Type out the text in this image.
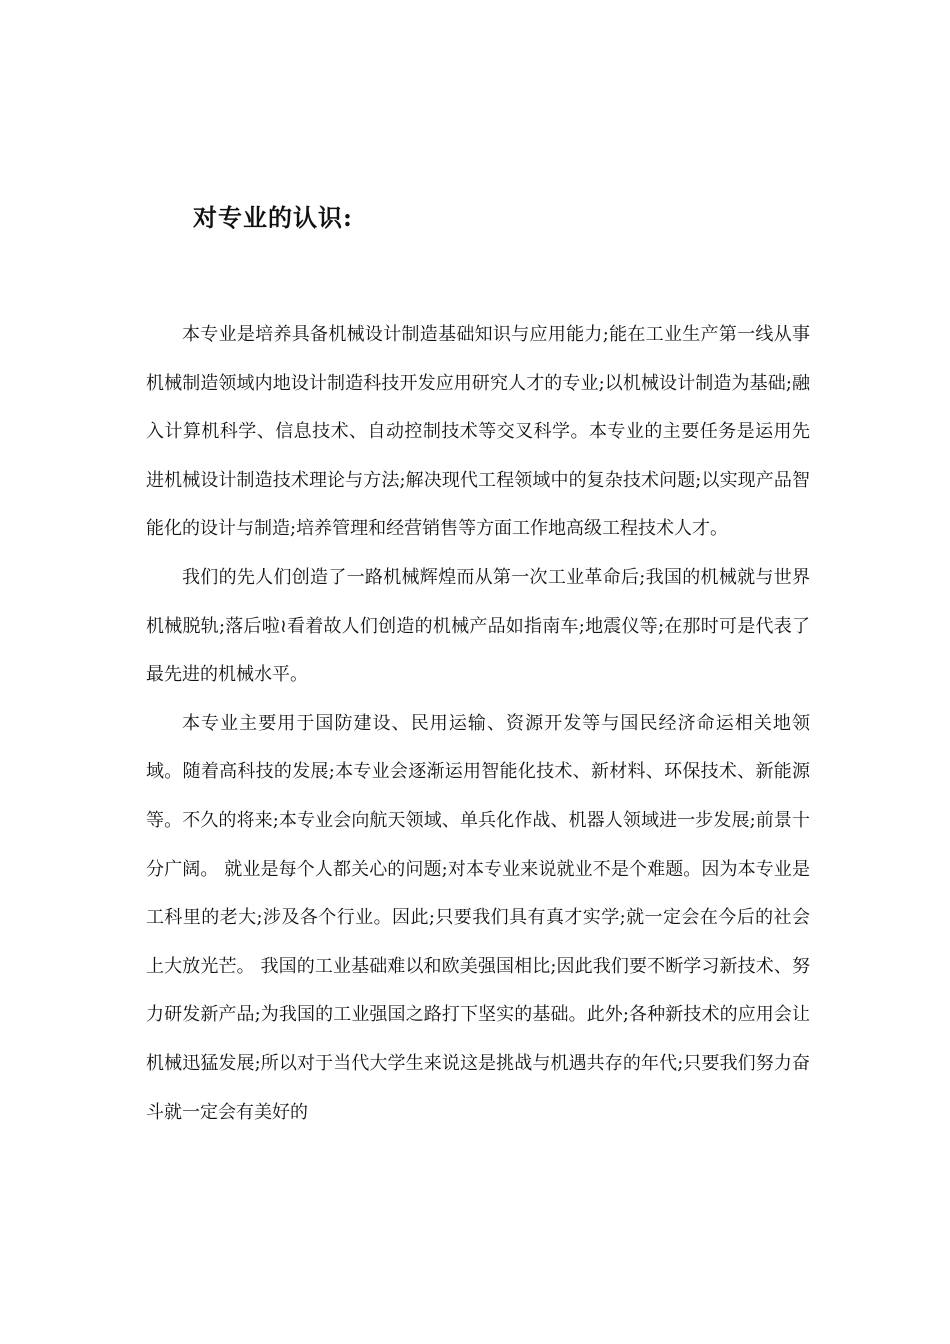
对专业的认识:

本专业是培养具备机械设计制造基础知识与应用能力;能在工业生产第一线从事机械制造领域内地设计制造科技开发应用研究人才的专业;以机械设计制造为基础;融入计算机科学、信息技术、自动控制技术等交叉科学。本专业的主要任务是运用先进机械设计制造技术理论与方法;解决现代工程领域中的复杂技术问题;以实现产品智能化的设计与制造;培养管理和经营销售等方面工作地高级工程技术人才。

我们的先人们创造了一路机械辉煌而从第一次工业革命后;我国的机械就与世界机械脱轨;落后啦≀看着故人们创造的机械产品如指南车;地震仪等;在那时可是代表了最先进的机械水平。

本专业主要用于国防建设、民用运输、资源开发等与国民经济命运相关地领域。随着高科技的发展;本专业会逐渐运用智能化技术、新材料、环保技术、新能源等。不久的将来;本专业会向航天领域、单兵化作战、机器人领域进一步发展;前景十分广阔。 就业是每个人都关心的问题;对本专业来说就业不是个难题。因为本专业是工科里的老大;涉及各个行业。因此;只要我们具有真才实学;就一定会在今后的社会上大放光芒。 我国的工业基础难以和欧美强国相比;因此我们要不断学习新技术、努力研发新产品;为我国的工业强国之路打下坚实的基础。此外;各种新技术的应用会让机械迅猛发展;所以对于当代大学生来说这是挑战与机遇共存的年代;只要我们努力奋斗就一定会有美好的
